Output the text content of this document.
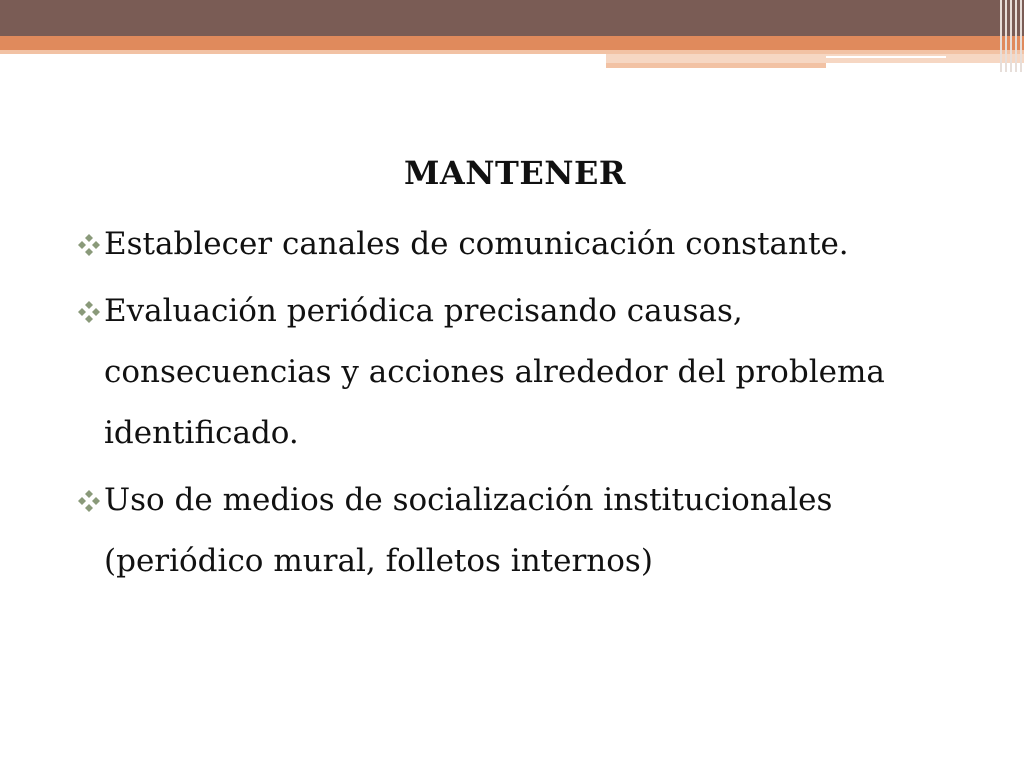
MANTENER
Establecer canales de comunicación constante.
Evaluación periódica precisando causas, consecuencias y acciones alrededor del problema identificado.
Uso de medios de socialización institucionales (periódico mural, folletos internos)
